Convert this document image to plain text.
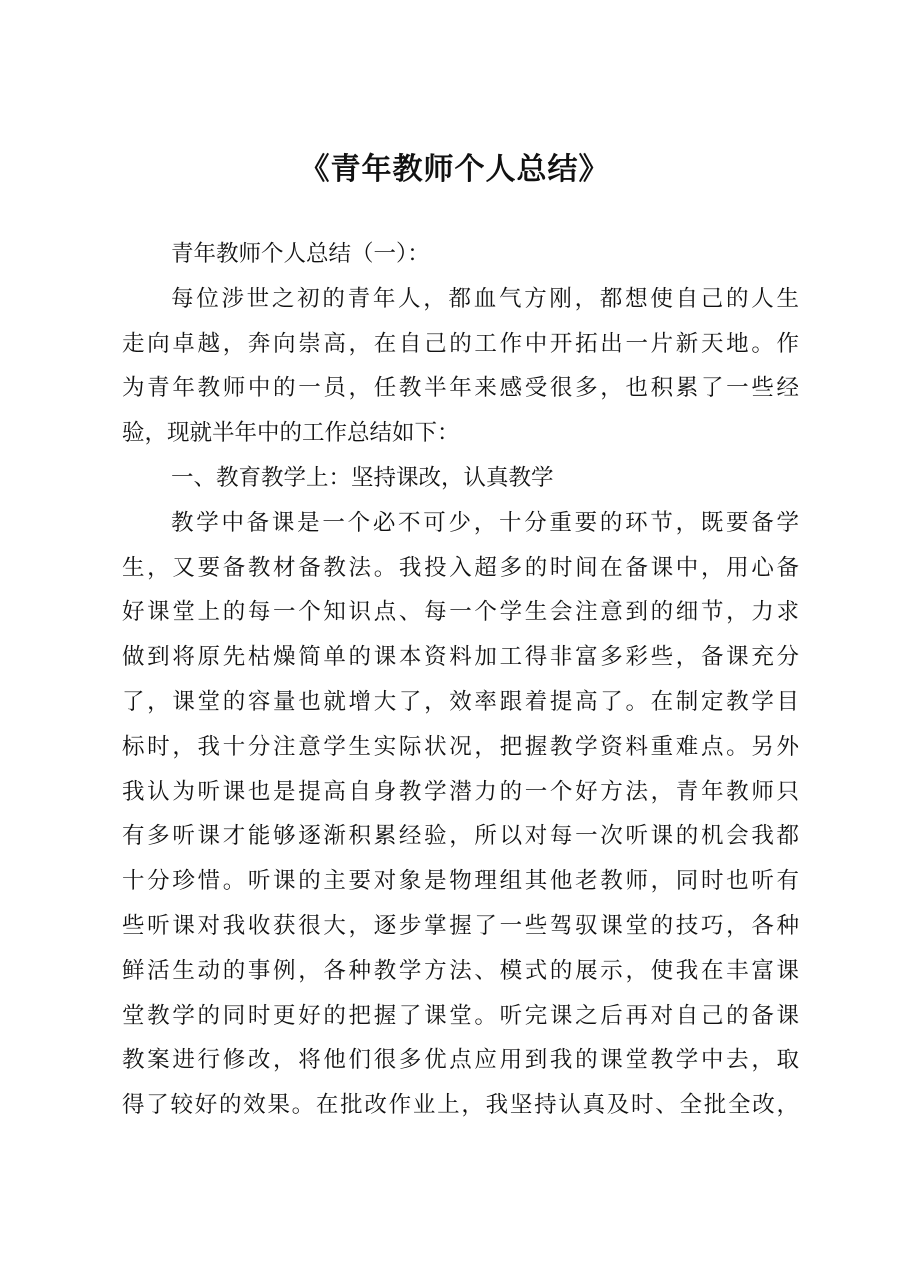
《青年教师个人总结》
青年教师个人总结（一）：
每位涉世之初的青年人，都血气方刚，都想使自己的人生
走向卓越，奔向崇高，在自己的工作中开拓出一片新天地。作
为青年教师中的一员，任教半年来感受很多，也积累了一些经
验，现就半年中的工作总结如下：
一、教育教学上：坚持课改，认真教学
教学中备课是一个必不可少，十分重要的环节，既要备学
生，又要备教材备教法。我投入超多的时间在备课中，用心备
好课堂上的每一个知识点、每一个学生会注意到的细节，力求
做到将原先枯燥简单的课本资料加工得非富多彩些，备课充分
了，课堂的容量也就增大了，效率跟着提高了。在制定教学目
标时，我十分注意学生实际状况，把握教学资料重难点。另外
我认为听课也是提高自身教学潜力的一个好方法，青年教师只
有多听课才能够逐渐积累经验，所以对每一次听课的机会我都
十分珍惜。听课的主要对象是物理组其他老教师，同时也听有
些听课对我收获很大，逐步掌握了一些驾驭课堂的技巧，各种
鲜活生动的事例，各种教学方法、模式的展示，使我在丰富课
堂教学的同时更好的把握了课堂。听完课之后再对自己的备课
教案进行修改，将他们很多优点应用到我的课堂教学中去，取
得了较好的效果。在批改作业上，我坚持认真及时、全批全改，
